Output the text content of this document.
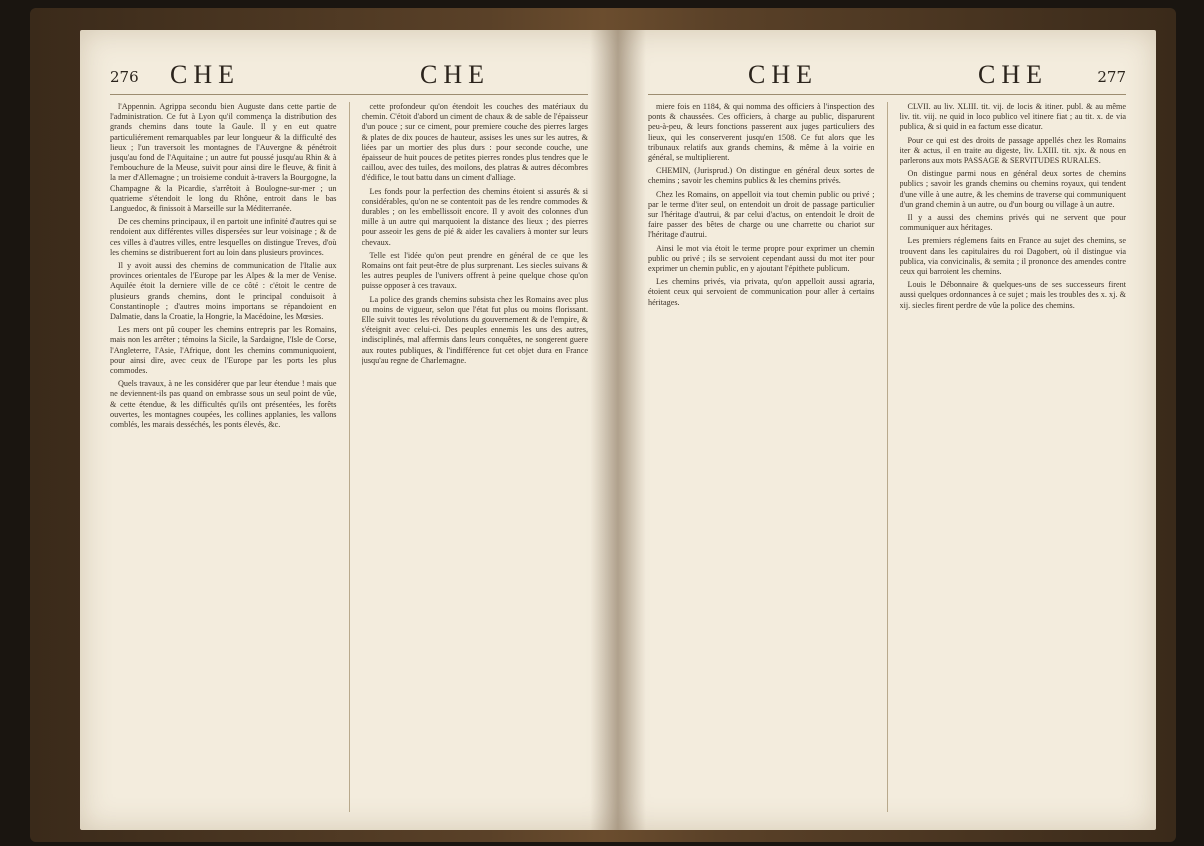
276 CHE	CHE

l'Appennin. Agrippa secondu bien Auguste dans cette partie de l'administration. Ce fut à Lyon qu'il commença la distribution des grands chemins dans toute la Gaule. Il y en eut quatre particuliérement remarquables par leur longueur & la difficulté des lieux ; l'un traversoit les montagnes de l'Auvergne & pénétroit jusqu'au fond de l'Aquitaine ; un autre fut poussé jusqu'au Rhin & à l'embouchure de la Meuse, suivit pour ainsi dire le fleuve, & finit à la mer d'Allemagne ; un troisieme conduit à-travers la Bourgogne, la Champagne & la Picardie, s'arrêtoit à Boulogne-sur-mer ; un quatrieme s'étendoit le long du Rhône, entroit dans le bas Languedoc, & finissoit à Marseille sur la Méditerranée.

De ces chemins principaux, il en partoit une infinité d'autres qui se rendoient aux différentes villes dispersées sur leur voisinage ; & de ces villes à d'autres villes, entre lesquelles on distingue Treves, d'où les chemins se distribuerent fort au loin dans plusieurs provinces.

Il y avoit aussi des chemins de communication de l'Italie aux provinces orientales de l'Europe par les Alpes & la mer de Venise. Aquilée étoit la derniere ville de ce côté : c'étoit le centre de plusieurs grands chemins, dont le principal conduisoit à Constantinople ; d'autres moins importans se répandoient en Dalmatie, dans la Croatie, la Hongrie, la Macédoine, les Mœsies.

Les mers ont pû couper les chemins entrepris par les Romains, mais non les arrêter ; témoins la Sicile, la Sardaigne, l'Isle de Corse, l'Angleterre, l'Asie, l'Afrique, dont les chemins communiquoient, pour ainsi dire, avec ceux de l'Europe par les ports les plus commodes.

Quels travaux, à ne les considérer que par leur étendue ! mais que ne deviennent-ils pas quand on embrasse sous un seul point de vûe, & cette étendue, & les difficultés qu'ils ont présentées, les forêts ouvertes, les montagnes coupées, les collines applanies, les vallons comblés, les marais desséchés, les ponts élevés, &c.

cette profondeur qu'on étendoit les couches des matériaux du chemin. C'étoit d'abord un ciment de chaux & de sable de l'épaisseur d'un pouce ; sur ce ciment, pour premiere couche des pierres larges & plates de dix pouces de hauteur, assises les unes sur les autres, & liées par un mortier des plus durs : pour seconde couche, une épaisseur de huit pouces de petites pierres rondes plus tendres que le caillou, avec des tuiles, des moilons, des platras & autres décombres d'édifice, le tout battu dans un ciment d'alliage.

Les fonds pour la perfection des chemins étoient si assurés & si considérables, qu'on ne se contentoit pas de les rendre commodes & durables ; on les embellissoit encore. Il y avoit des colonnes d'un mille à un autre qui marquoient la distance des lieux ; des pierres pour asseoir les gens de pié & aider les cavaliers à monter sur leurs chevaux.

Telle est l'idée qu'on peut prendre en général de ce que les Romains ont fait peut-être de plus surprenant. Les siecles suivans & les autres peuples de l'univers offrent à peine quelque chose qu'on puisse opposer à ces travaux.

La police des grands chemins subsista chez les Romains avec plus ou moins de vigueur, selon que l'état fut plus ou moins florissant. Elle suivit toutes les révolutions du gouvernement & de l'empire, & s'éteignit avec celui-ci. Des peuples ennemis les uns des autres, indisciplinés, mal affermis dans leurs conquêtes, ne songerent guere aux routes publiques, & l'indifférence fut cet objet dura en France jusqu'au regne de Charlemagne.

CHE	CHE	277

miere fois en 1184, & qui nomma des officiers à l'inspection des ponts & chaussées. Ces officiers, à charge au public, disparurent peu-à-peu, & leurs fonctions passerent aux juges particuliers des lieux, qui les conserverent jusqu'en 1508. Ce fut alors que les tribunaux relatifs aux grands chemins, & même à la voirie en général, se multiplierent.

CHEMIN, (Jurisprud.) On distingue en général deux sortes de chemins ; savoir les chemins publics & les chemins privés.

Chez les Romains, on appelloit via tout chemin public ou privé ; par le terme d'iter seul, on entendoit un droit de passage particulier sur l'héritage d'autrui, & par celui d'actus, on entendoit le droit de faire passer des bêtes de charge ou une charrette ou chariot sur l'héritage d'autrui.

Ainsi le mot via étoit le terme propre pour exprimer un chemin public ou privé ; ils se servoient cependant aussi du mot iter pour exprimer un chemin public, en y ajoutant l'épithete publicum.

Les chemins privés, via privata, qu'on appelloit aussi agraria, étoient ceux qui servoient de communication pour aller à certains héritages.

CLVII. au liv. XLIII. tit. vij. de locis & itiner. publ. & au même liv. tit. viij. ne quid in loco publico vel itinere fiat ; au tit. x. de via publica, & si quid in ea factum esse dicatur.

Pour ce qui est des droits de passage appellés chez les Romains iter & actus, il en traite au digeste, liv. LXIII. tit. xjx. & nous en parlerons aux mots PASSAGE & SERVITUDES RURALES.

On distingue parmi nous en général deux sortes de chemins publics ; savoir les grands chemins ou chemins royaux, qui tendent d'une ville à une autre, & les chemins de traverse qui communiquent d'un grand chemin à un autre, ou d'un bourg ou village à un autre.

Il y a aussi des chemins privés qui ne servent que pour communiquer aux héritages.

Les premiers réglemens faits en France au sujet des chemins, se trouvent dans les capitulaires du roi Dagobert, où il distingue via publica, via convicinalis, & semita ; il prononce des amendes contre ceux qui barroient les chemins.

Louis le Débonnaire & quelques-uns de ses successeurs firent aussi quelques ordonnances à ce sujet ; mais les troubles des x. xj. & xij. siecles firent perdre de vûe la police des chemins.
